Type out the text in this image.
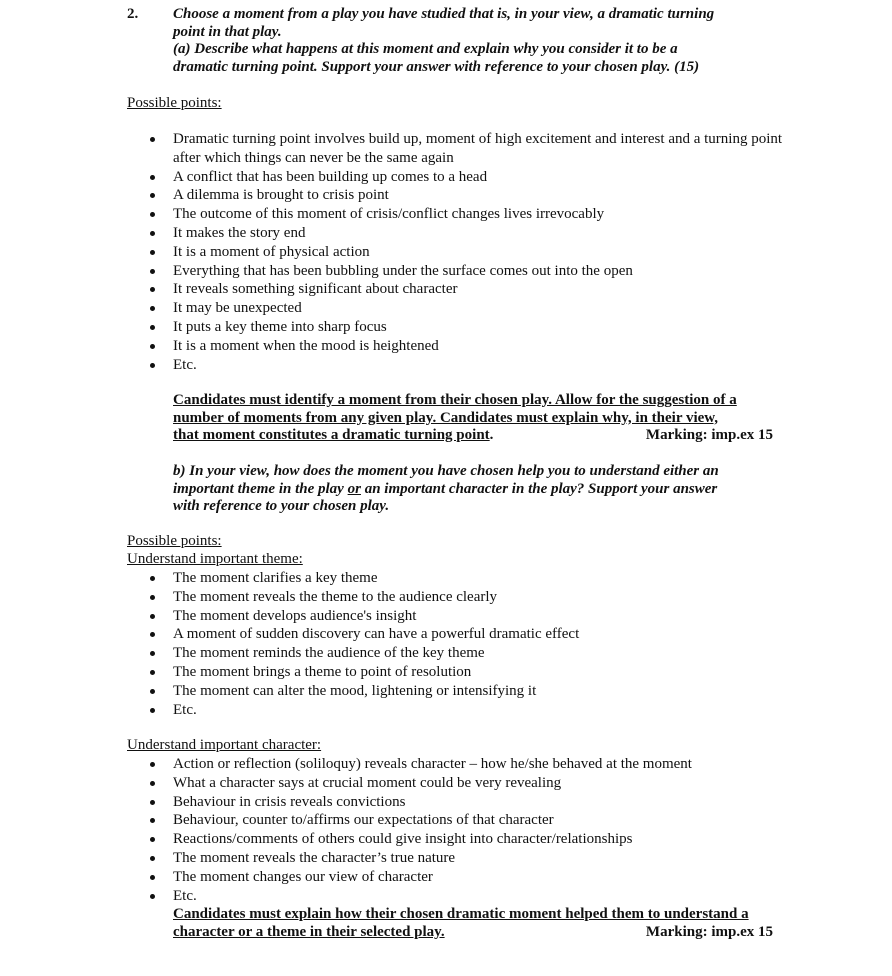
2. Choose a moment from a play you have studied that is, in your view, a dramatic turning
point in that play.
(a) Describe what happens at this moment and explain why you consider it to be a
dramatic turning point. Support your answer with reference to your chosen play. (15)
Possible points:
Dramatic turning point involves build up, moment of high excitement and interest and a turning point after which things can never be the same again
A conflict that has been building up comes to a head
A dilemma is brought to crisis point
The outcome of this moment of crisis/conflict changes lives irrevocably
It makes the story end
It is a moment of physical action
Everything that has been bubbling under the surface comes out into the open
It reveals something significant about character
It may be unexpected
It puts a key theme into sharp focus
It is a moment when the mood is heightened
Etc.
Candidates must identify a moment from their chosen play. Allow for the suggestion of a
number of moments from any given play. Candidates must explain why, in their view,
that moment constitutes a dramatic turning point.	Marking: imp.ex 15
b) In your view, how does the moment you have chosen help you to understand either an
important theme in the play or an important character in the play? Support your answer
with reference to your chosen play.
Possible points:
Understand important theme:
The moment clarifies a key theme
The moment reveals the theme to the audience clearly
The moment develops audience's insight
A moment of sudden discovery can have a powerful dramatic effect
The moment reminds the audience of the key theme
The moment brings a theme to point of resolution
The moment can alter the mood, lightening or intensifying it
Etc.
Understand important character:
Action or reflection (soliloquy) reveals character – how he/she behaved at the moment
What a character says at crucial moment could be very revealing
Behaviour in crisis reveals convictions
Behaviour, counter to/affirms our expectations of that character
Reactions/comments of others could give insight into character/relationships
The moment reveals the character’s true nature
The moment changes our view of character
Etc.
Candidates must explain how their chosen dramatic moment helped them to understand a
character or a theme in their selected play.	Marking: imp.ex 15
